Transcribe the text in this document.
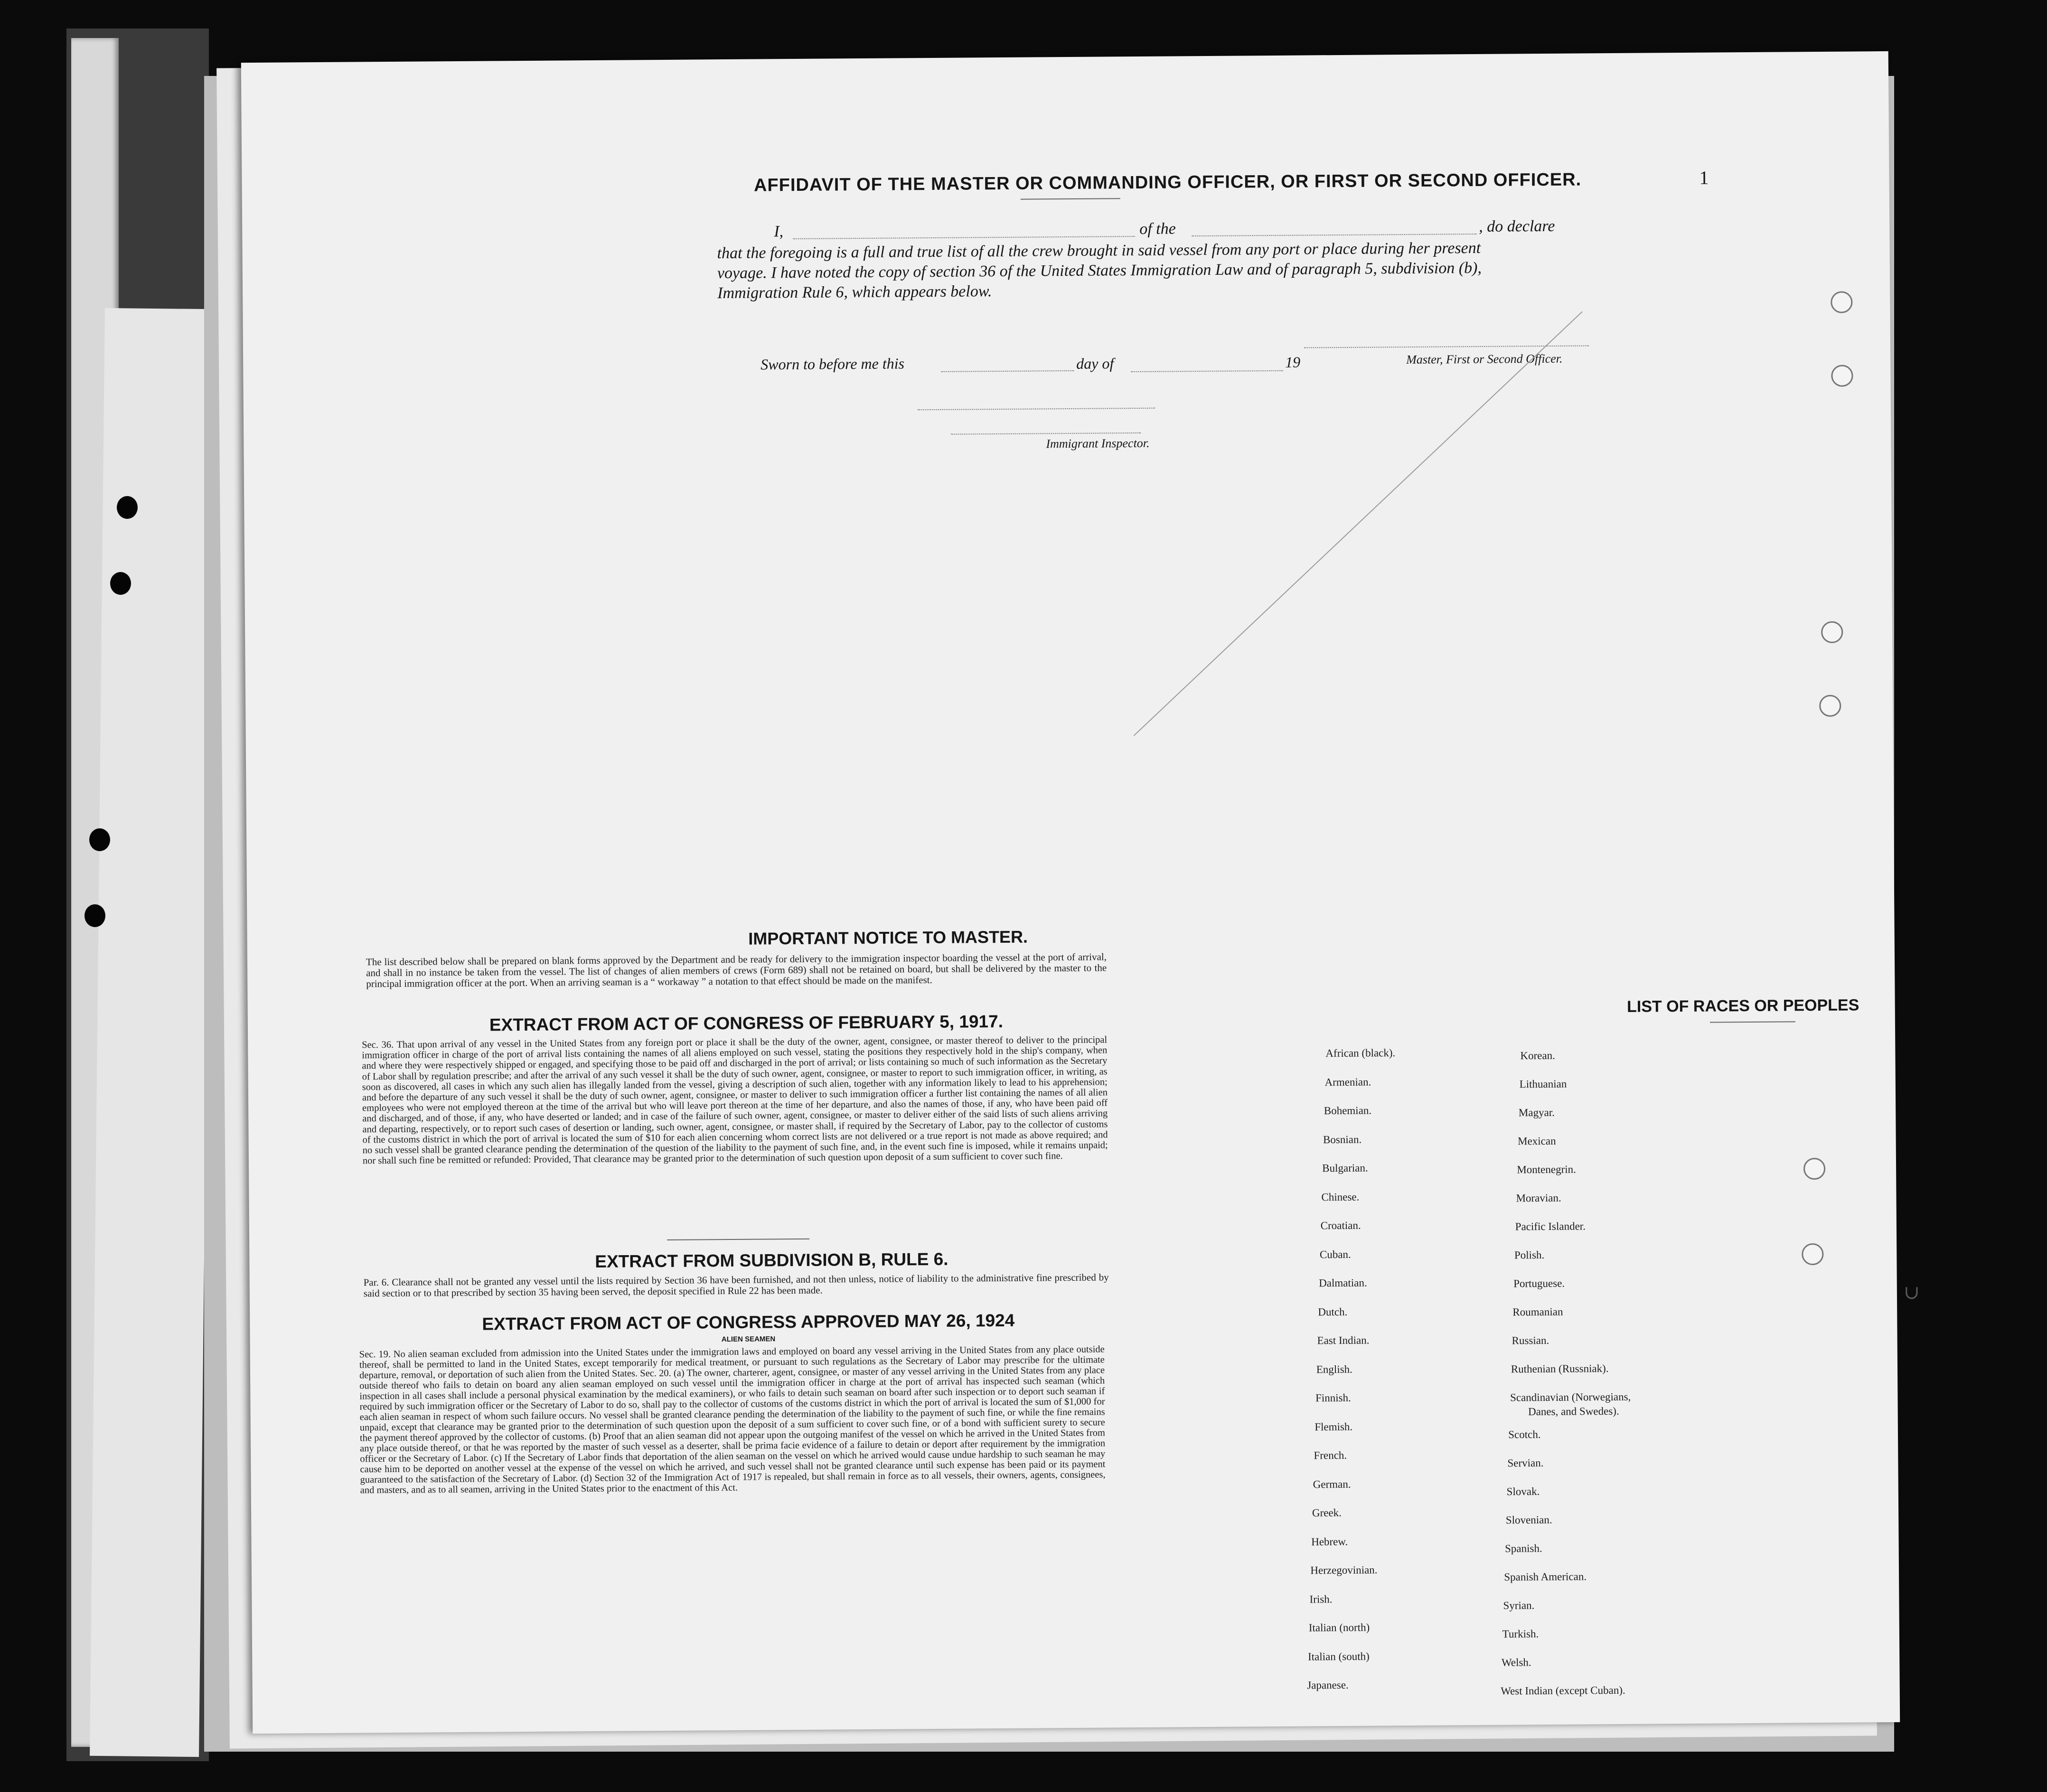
1
AFFIDAVIT OF THE MASTER OR COMMANDING OFFICER, OR FIRST OR SECOND OFFICER.
I,	of the	, do declare
that the foregoing is a full and true list of all the crew brought in said vessel from any port or place during her present
voyage. I have noted the copy of section 36 of the United States Immigration Law and of paragraph 5, subdivision (b),
Immigration Rule 6, which appears below.
Master, First or Second Officer.
Sworn to before me this	day of	19
Immigrant Inspector.
IMPORTANT NOTICE TO MASTER.
The list described below shall be prepared on blank forms approved by the Department and be ready for delivery to the immigration inspector boarding the vessel at the port of arrival, and shall in no instance be taken from the vessel. The list of changes of alien members of crews (Form 689) shall not be retained on board, but shall be delivered by the master to the principal immigration officer at the port. When an arriving seaman is a “ workaway ” a notation to that effect should be made on the manifest.
EXTRACT FROM ACT OF CONGRESS OF FEBRUARY 5, 1917.
Sec. 36. That upon arrival of any vessel in the United States from any foreign port or place it shall be the duty of the owner, agent, consignee, or master thereof to deliver to the principal immigration officer in charge of the port of arrival lists containing the names of all aliens employed on such vessel, stating the positions they respectively hold in the ship's company, when and where they were respectively shipped or engaged, and specifying those to be paid off and discharged in the port of arrival; or lists containing so much of such information as the Secretary of Labor shall by regulation prescribe; and after the arrival of any such vessel it shall be the duty of such owner, agent, consignee, or master to report to such immigration officer, in writing, as soon as discovered, all cases in which any such alien has illegally landed from the vessel, giving a description of such alien, together with any information likely to lead to his apprehension; and before the departure of any such vessel it shall be the duty of such owner, agent, consignee, or master to deliver to such immigration officer a further list containing the names of all alien employees who were not employed thereon at the time of the arrival but who will leave port thereon at the time of her departure, and also the names of those, if any, who have been paid off and discharged, and of those, if any, who have deserted or landed; and in case of the failure of such owner, agent, consignee, or master to deliver either of the said lists of such aliens arriving and departing, respectively, or to report such cases of desertion or landing, such owner, agent, consignee, or master shall, if required by the Secretary of Labor, pay to the collector of customs of the customs district in which the port of arrival is located the sum of $10 for each alien concerning whom correct lists are not delivered or a true report is not made as above required; and no such vessel shall be granted clearance pending the determination of the question of the liability to the payment of such fine, and, in the event such fine is imposed, while it remains unpaid; nor shall such fine be remitted or refunded: Provided, That clearance may be granted prior to the determination of such question upon deposit of a sum sufficient to cover such fine.
EXTRACT FROM SUBDIVISION B, RULE 6.
Par. 6. Clearance shall not be granted any vessel until the lists required by Section 36 have been furnished, and not then unless, notice of liability to the administrative fine prescribed by said section or to that prescribed by section 35 having been served, the deposit specified in Rule 22 has been made.
EXTRACT FROM ACT OF CONGRESS APPROVED MAY 26, 1924
ALIEN SEAMEN
Sec. 19. No alien seaman excluded from admission into the United States under the immigration laws and employed on board any vessel arriving in the United States from any place outside thereof, shall be permitted to land in the United States, except temporarily for medical treatment, or pursuant to such regulations as the Secretary of Labor may prescribe for the ultimate departure, removal, or deportation of such alien from the United States. Sec. 20. (a) The owner, charterer, agent, consignee, or master of any vessel arriving in the United States from any place outside thereof who fails to detain on board any alien seaman employed on such vessel until the immigration officer in charge at the port of arrival has inspected such seaman (which inspection in all cases shall include a personal physical examination by the medical examiners), or who fails to detain such seaman on board after such inspection or to deport such seaman if required by such immigration officer or the Secretary of Labor to do so, shall pay to the collector of customs of the customs district in which the port of arrival is located the sum of $1,000 for each alien seaman in respect of whom such failure occurs. No vessel shall be granted clearance pending the determination of the liability to the payment of such fine, or while the fine remains unpaid, except that clearance may be granted prior to the determination of such question upon the deposit of a sum sufficient to cover such fine, or of a bond with sufficient surety to secure the payment thereof approved by the collector of customs. (b) Proof that an alien seaman did not appear upon the outgoing manifest of the vessel on which he arrived in the United States from any place outside thereof, or that he was reported by the master of such vessel as a deserter, shall be prima facie evidence of a failure to detain or deport after requirement by the immigration officer or the Secretary of Labor. (c) If the Secretary of Labor finds that deportation of the alien seaman on the vessel on which he arrived would cause undue hardship to such seaman he may cause him to be deported on another vessel at the expense of the vessel on which he arrived, and such vessel shall not be granted clearance until such expense has been paid or its payment guaranteed to the satisfaction of the Secretary of Labor. (d) Section 32 of the Immigration Act of 1917 is repealed, but shall remain in force as to all vessels, their owners, agents, consignees, and masters, and as to all seamen, arriving in the United States prior to the enactment of this Act.
LIST OF RACES OR PEOPLES
African (black).
Armenian.
Bohemian.
Bosnian.
Bulgarian.
Chinese.
Croatian.
Cuban.
Dalmatian.
Dutch.
East Indian.
English.
Finnish.
Flemish.
French.
German.
Greek.
Hebrew.
Herzegovinian.
Irish.
Italian (north)
Italian (south)
Japanese.
Korean.
Lithuanian
Magyar.
Mexican
Montenegrin.
Moravian.
Pacific Islander.
Polish.
Portuguese.
Roumanian
Russian.
Ruthenian (Russniak).
Scandinavian (Norwegians,
Danes, and Swedes).
Scotch.
Servian.
Slovak.
Slovenian.
Spanish.
Spanish American.
Syrian.
Turkish.
Welsh.
West Indian (except Cuban).
∪
